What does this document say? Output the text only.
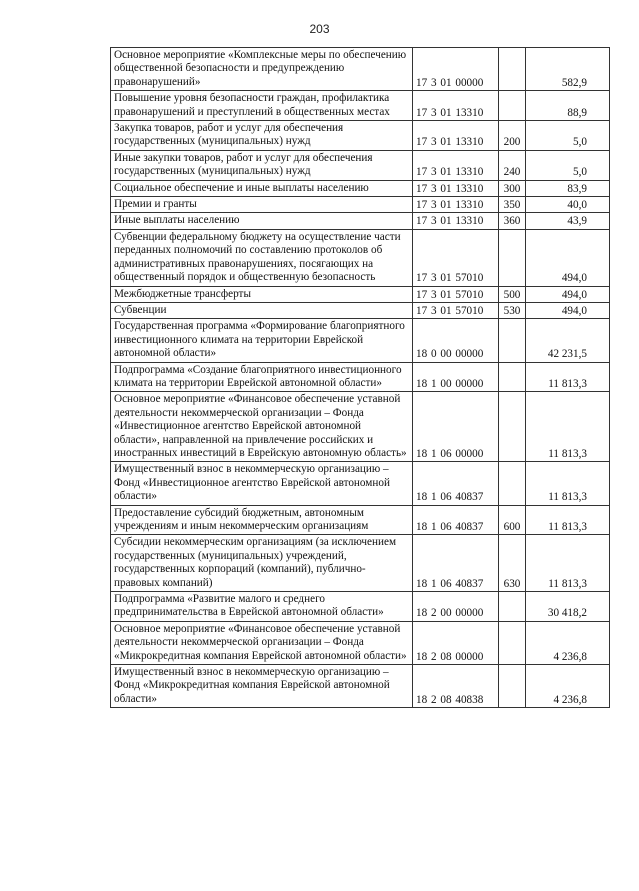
203
Основное мероприятие «Комплексные меры по обеспечению общественной безопасности и предупреждению правонарушений»	17 3 01 00000		582,9
Повышение уровня безопасности граждан, профилактика правонарушений и преступлений в общественных местах	17 3 01 13310		88,9
Закупка товаров, работ и услуг для обеспечения государственных (муниципальных) нужд	17 3 01 13310	200	5,0
Иные закупки товаров, работ и услуг для обеспечения государственных (муниципальных) нужд	17 3 01 13310	240	5,0
Социальное обеспечение и иные выплаты населению	17 3 01 13310	300	83,9
Премии и гранты	17 3 01 13310	350	40,0
Иные выплаты населению	17 3 01 13310	360	43,9
Субвенции федеральному бюджету на осуществление части переданных полномочий по составлению протоколов об административных правонарушениях, посягающих на общественный порядок и общественную безопасность	17 3 01 57010		494,0
Межбюджетные трансферты	17 3 01 57010	500	494,0
Субвенции	17 3 01 57010	530	494,0
Государственная программа «Формирование благоприятного инвестиционного климата на территории Еврейской автономной области»	18 0 00 00000		42 231,5
Подпрограмма «Создание благоприятного инвестиционного климата на территории Еврейской автономной области»	18 1 00 00000		11 813,3
Основное мероприятие «Финансовое обеспечение уставной деятельности некоммерческой организации – Фонда «Инвестиционное агентство Еврейской автономной области», направленной на привлечение российских и иностранных инвестиций в Еврейскую автономную область»	18 1 06 00000		11 813,3
Имущественный взнос в некоммерческую организацию – Фонд «Инвестиционное агентство Еврейской автономной области»	18 1 06 40837		11 813,3
Предоставление субсидий бюджетным, автономным учреждениям и иным некоммерческим организациям	18 1 06 40837	600	11 813,3
Субсидии некоммерческим организациям (за исключением государственных (муниципальных) учреждений, государственных корпораций (компаний), публично-правовых компаний)	18 1 06 40837	630	11 813,3
Подпрограмма «Развитие малого и среднего предпринимательства в Еврейской автономной области»	18 2 00 00000		30 418,2
Основное мероприятие «Финансовое обеспечение уставной деятельности некоммерческой организации – Фонда «Микрокредитная компания Еврейской автономной области»	18 2 08 00000		4 236,8
Имущественный взнос в некоммерческую организацию – Фонд «Микрокредитная компания Еврейской автономной области»	18 2 08 40838		4 236,8
